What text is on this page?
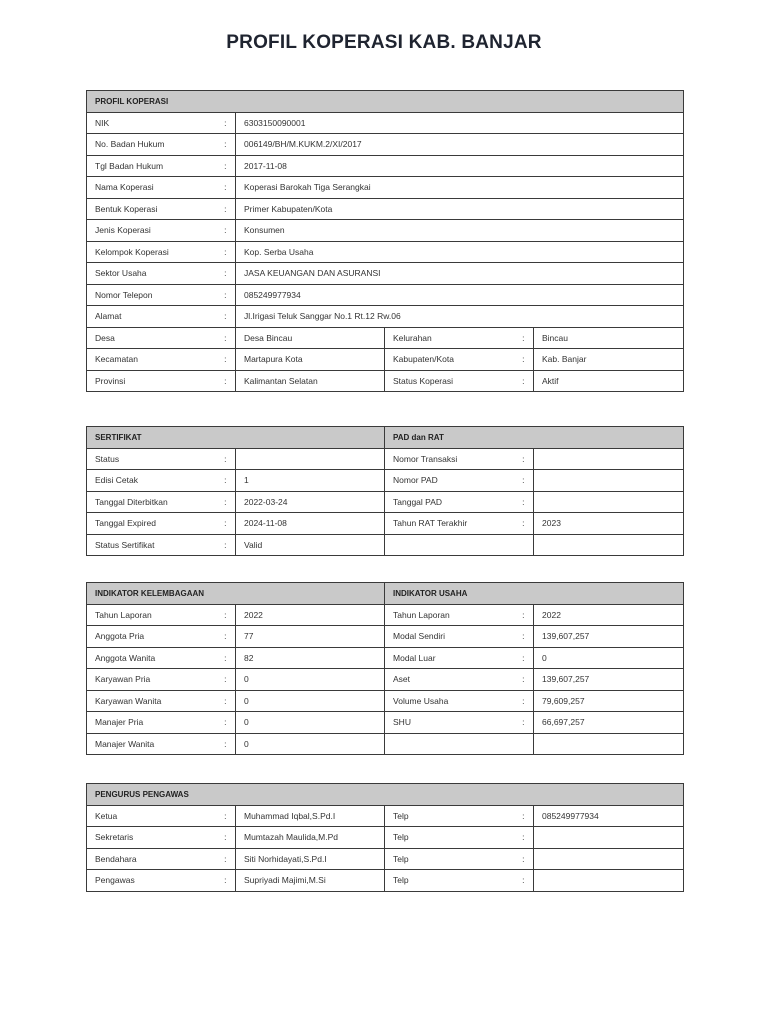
PROFIL KOPERASI KAB. BANJAR
PROFIL KOPERASI					
NIK	:	6303150090001			
No. Badan Hukum	:	006149/BH/M.KUKM.2/XI/2017			
Tgl Badan Hukum	:	2017-11-08			
Nama Koperasi	:	Koperasi Barokah Tiga Serangkai			
Bentuk Koperasi	:	Primer Kabupaten/Kota			
Jenis Koperasi	:	Konsumen			
Kelompok Koperasi	:	Kop. Serba Usaha			
Sektor Usaha	:	JASA KEUANGAN DAN ASURANSI			
Nomor Telepon	:	085249977934			
Alamat	:	Jl.Irigasi Teluk Sanggar No.1 Rt.12 Rw.06			
Desa	:	Desa Bincau	Kelurahan	:	Bincau
Kecamatan	:	Martapura Kota	Kabupaten/Kota	:	Kab. Banjar
Provinsi	:	Kalimantan Selatan	Status Koperasi	:	Aktif
SERTIFIKAT			PAD dan RAT		
Status	:		Nomor Transaksi	:	
Edisi Cetak	:	1	Nomor PAD	:	
Tanggal Diterbitkan	:	2022-03-24	Tanggal PAD	:	
Tanggal Expired	:	2024-11-08	Tahun RAT Terakhir	:	2023
Status Sertifikat	:	Valid			
INDIKATOR KELEMBAGAAN			INDIKATOR USAHA		
Tahun Laporan	:	2022	Tahun Laporan	:	2022
Anggota Pria	:	77	Modal Sendiri	:	139,607,257
Anggota Wanita	:	82	Modal Luar	:	0
Karyawan Pria	:	0	Aset	:	139,607,257
Karyawan Wanita	:	0	Volume Usaha	:	79,609,257
Manajer Pria	:	0	SHU	:	66,697,257
Manajer Wanita	:	0			
PENGURUS PENGAWAS					
Ketua	:	Muhammad Iqbal,S.Pd.I	Telp	:	085249977934
Sekretaris	:	Mumtazah Maulida,M.Pd	Telp	:	
Bendahara	:	Siti Norhidayati,S.Pd.I	Telp	:	
Pengawas	:	Supriyadi Majimi,M.Si	Telp	:	
